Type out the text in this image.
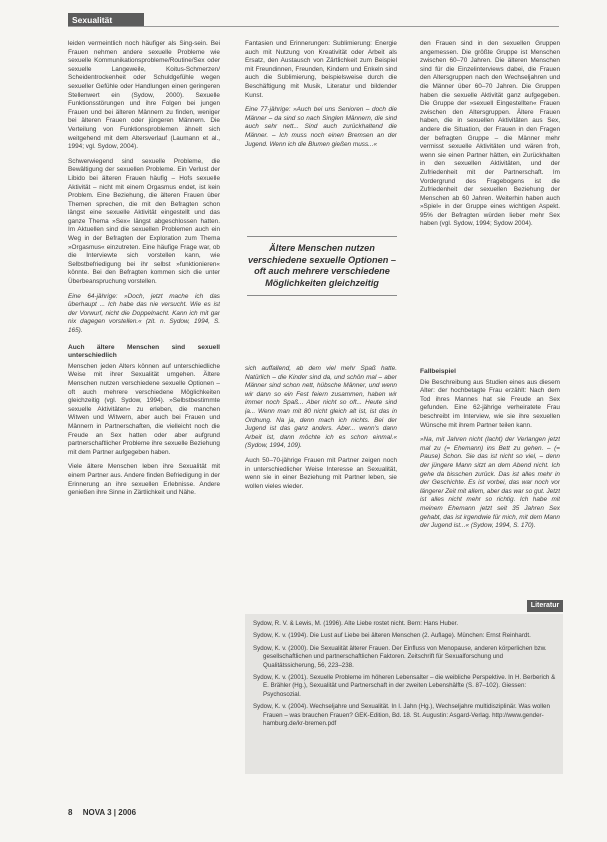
Sexualität

leiden vermeintlich noch häufiger als Sing-sein. Bei Frauen nehmen andere sexuelle Probleme wie sexuelle Kommunikationsprobleme/Routine/Sex oder sexuelle Langeweile, Koitus-Schmerzen/ Scheidentrockenheit oder Schuldgefühle wegen sexueller Gefühle oder Handlungen einen geringeren Stellenwert ein (Sydow, 2000). Sexuelle Funktionsstörungen und ihre Folgen bei jungen Frauen und bei älteren Männern zu finden, weniger bei älteren Frauen oder jüngeren Männern. Die Verteilung von Funktionsproblemen ähnelt sich weitgehend mit dem Altersverlauf (Laumann et al., 1994; vgl. Sydow, 2004).

Schwerwiegend sind sexuelle Probleme, die Bewältigung der sexuellen Probleme. Ein Verlust der Libido bei älteren Frauen häufig – Hofs sexuelle Aktivität – nicht mit einem Orgasmus endet, ist kein Problem. Eine Beziehung, die älteren Frauen über Themen sprechen, die mit den Befragten schon längst eine sexuelle Aktivität eingestellt und das ganze Thema »Sex« längst abgeschlossen hatten. Im Aktuellen sind die sexuellen Problemen auch ein Weg in der Befragten der Exploration zum Thema »Orgasmus« einzutreten. Eine häufige Frage war, ob die Interviewte sich vorstellen kann, wie Selbstbefriedigung bei ihr selbst »funktionieren« könnte. Bei den Befragten kommen sich die unter Überbeanspruchung vorstellen.

Eine 64-jährige: »Doch, jetzt mache ich das überhaupt ... Ich habe das nie versucht. Wie es ist der Vorwurf, nicht die Doppelnacht. Kann ich mit gar nix dagegen vorstellen.« (zit. n. Sydow, 1994, S. 165).

Auch ältere Menschen sind sexuell unterschiedlich

Menschen jeden Alters können auf unterschiedliche Weise mit ihrer Sexualität umgehen. Ältere Menschen nutzen verschiedene sexuelle Optionen – oft auch mehrere verschiedene Möglichkeiten gleichzeitig (vgl. Sydow, 1994). »Selbstbestimmte sexuelle Aktivitäten« zu erleben, die manchen Witwen und Witwern, aber auch bei Frauen und Männern in Partnerschaften, die vielleicht noch die Freude an Sex hatten oder aber aufgrund partnerschaftlicher Probleme ihre sexuelle Beziehung mit dem Partner aufgegeben haben.

Viele ältere Menschen leben ihre Sexualität mit einem Partner aus. Andere finden Befriedigung in der Erinnerung an ihre sexuellen Erlebnisse. Andere genießen ihre Sinne in Zärtlichkeit und Nähe.

Fantasien und Erinnerungen: Sublimierung: Energie auch mit Nutzung von Kreativität oder Arbeit als Ersatz, den Austausch von Zärtlichkeit zum Beispiel mit Freundinnen, Freunden, Kindern und Enkeln sind auch die Sublimierung, beispielsweise durch die Beschäftigung mit Musik, Literatur und bildender Kunst.

Eine 77-jährige: »Auch bei uns Senioren – doch die Männer – da sind so nach Singlen Männern, die sind auch sehr nett... Sind auch zurückhaltend die Männer. – Ich muss noch einen Bremsen an der Jugend. Wenn ich die Blumen gießen muss...«

Ältere Menschen nutzen verschiedene sexuelle Optionen – oft auch mehrere verschiedene Möglichkeiten gleichzeitig

sich auffallend, ab dem viel mehr Spaß hatte. Natürlich – die Kinder sind da, und schön mal – aber Männer sind schon nett, hübsche Männer, und wenn wir dann so ein Fest feiern zusammen, haben wir immer noch Spaß... Aber nicht so oft... Heute sind ja... Wenn man mit 80 nicht gleich alt ist, ist das in Ordnung. Na ja, denn mach ich nichts. Bei der Jugend ist das ganz anders. Aber... wenn's dann Arbeit ist, dann möchte ich es schon einmal.« (Sydow, 1994, 109).

Auch 50–70-jährige Frauen mit Partner zeigen noch in unterschiedlicher Weise Interesse an Sexualität, wenn sie in einer Beziehung mit Partner leben, sie wollen vieles wieder.

den Frauen sind in den sexuellen Gruppen angemessen. Die größte Gruppe ist Menschen zwischen 60–70 Jahren. Die älteren Menschen sind für die Einzelinterviews dabei, die Frauen den Altersgruppen nach den Wechseljahren und die Männer über 60–70 Jahren. Die Gruppen haben die sexuelle Aktivität ganz aufgegeben. Die Gruppe der »sexuell Eingestellten« Frauen zwischen den Altersgruppen. Ältere Frauen haben, die in sexuellen Aktivitäten aus Sex, andere die Situation, der Frauen in den Fragen der befragten Gruppe – die Männer mehr vermisst sexuelle Aktivitäten und wären froh, wenn sie einen Partner hätten, ein Zurückhalten in den sexuellen Aktivitäten, und der Zufriedenheit mit der Partnerschaft. Im Vordergrund des Fragebogens ist die Zufriedenheit der sexuellen Beziehung der Menschen ab 60 Jahren. Weiterhin haben auch »Spiel« in der Gruppe eines wichtigen Aspekt. 95% der Befragten würden lieber mehr Sex haben (vgl. Sydow, 1994; Sydow 2004).

Fallbeispiel

Die Beschreibung aus Studien eines aus diesem Alter: der hochbetagte Frau erzählt: Nach dem Tod ihres Mannes hat sie Freude an Sex gefunden. Eine 62-jährige verheiratete Frau beschreibt im Interview, wie sie ihre sexuellen Wünsche mit ihrem Partner teilen kann.

»Na, mit Jahren nicht (lacht) der Verlangen jetzt mal zu (= Ehemann) ins Bett zu gehen. – (= Pause) Schon. Sie das ist nicht so viel, – denn der jüngere Mann sitzt an dem Abend nicht. Ich gehe da bisschen zurück. Das ist alles mehr in der Geschichte. Es ist vorbei, das war noch vor längerer Zeit mit allem, aber das war so gut. Jetzt ist alles nicht mehr so richtig. Ich habe mit meinem Ehemann jetzt seit 35 Jahren Sex gehabt, das ist irgendwie für mich, mit dem Mann der Jugend ist...« (Sydow, 1994, S. 170).

Literatur

Sydow, R. V. & Lewis, M. (1996). Alte Liebe rostet nicht. Bern: Hans Huber.

Sydow, K. v. (1994). Die Lust auf Liebe bei älteren Menschen (2. Auflage). München: Ernst Reinhardt.

Sydow, K. v. (2000). Die Sexualität älterer Frauen. Der Einfluss von Menopause, anderen körperlichen bzw. gesellschaftlichen und partnerschaftlichen Faktoren. Zeitschrift für Sexualforschung und Qualitätssicherung, 56, 223–238.

Sydow, K. v. (2001). Sexuelle Probleme im höheren Lebensalter – die weibliche Perspektive. In H. Berberich & E. Brähler (Hg.), Sexualität und Partnerschaft in der zweiten Lebenshälfte (S. 87–102). Giessen: Psychosozial.

Sydow, K. v. (2004). Wechseljahre und Sexualität. In I. Jahn (Hg.), Wechseljahre multidisziplinär. Was wollen Frauen – was brauchen Frauen? GEK-Edition, Bd. 18. St. Augustin: Asgard-Verlag. http://www.gender-hamburg.de/kr-bremen.pdf

8 NOVA 3 | 2006
